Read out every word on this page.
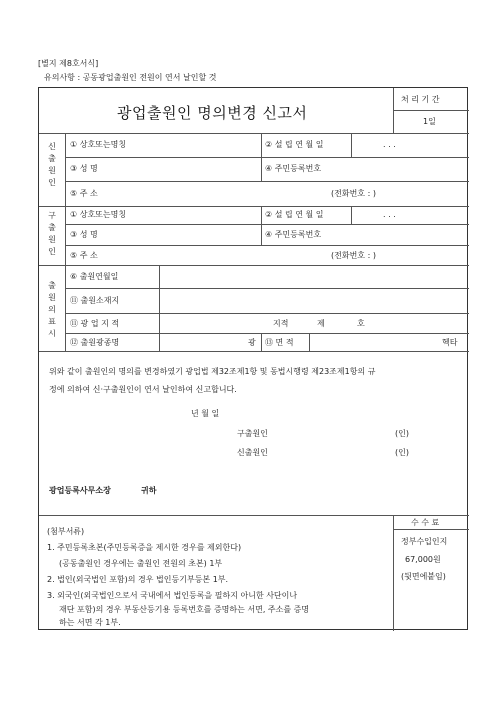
[별지 제8호서식]
유의사항 : 공동광업출원인 전원이 연서 날인할 것
광업출원인 명의변경 신고서
처 리 기 간
1일
신
출
원
인
① 상호또는명칭	② 설 립 연 월 일	. . .
③ 성 명	④ 주민등록번호
⑤ 주 소	(전화번호 : )
구
출
원
인
① 상호또는명칭	② 설 립 연 월 일	. . .
③ 성 명	④ 주민등록번호
⑤ 주 소	(전화번호 : )
출
원
의
표
시
⑥ 출원연월일
⑪ 출원소재지
⑪ 광 업 지 적	지적	제	호
⑫ 출원광종명	광 ⑬ 면 적	헥타
위와 같이 출원인의 명의를 변경하였기 광업법 제32조제1항 및 동법시행령 제23조제1항의 규
정에 의하여 신·구출원인이 연서 날인하여 신고합니다.
년 월 일
구출원인	(인)
신출원인	(인)
광업등록사무소장	귀하
수 수 료
정부수입인지
67,000원
(뒷면에붙임)
(첨부서류)
1. 주민등록초본(주민등록증을 제시한 경우를 제외한다)
(공동출원인 경우에는 출원인 전원의 초본) 1부
2. 법인(외국법인 포함)의 경우 법인등기부등본 1부.
3. 외국인(외국법인으로서 국내에서 법인등록을 필하지 아니한 사단이나
재단 포함)의 경우 부동산등기용 등록번호를 증명하는 서면, 주소를 증명
하는 서면 각 1부.
